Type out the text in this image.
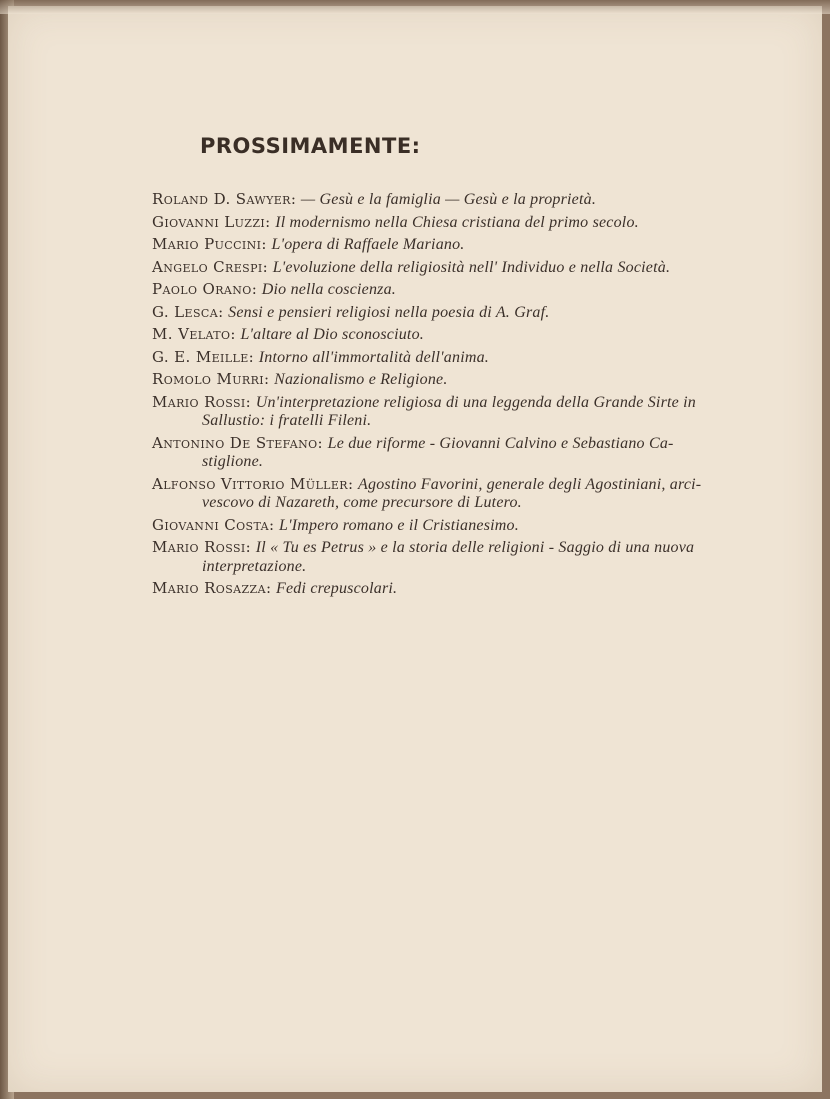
PROSSIMAMENTE:
Roland D. Sawyer: — Gesù e la famiglia — Gesù e la proprietà.
Giovanni Luzzi: Il modernismo nella Chiesa cristiana del primo secolo.
Mario Puccini: L'opera di Raffaele Mariano.
Angelo Crespi: L'evoluzione della religiosità nell' Individuo e nella Società.
Paolo Orano: Dio nella coscienza.
G. Lesca: Sensi e pensieri religiosi nella poesia di A. Graf.
M. Velato: L'altare al Dio sconosciuto.
G. E. Meille: Intorno all'immortalità dell'anima.
Romolo Murri: Nazionalismo e Religione.
Mario Rossi: Un'interpretazione religiosa di una leggenda della Grande Sirte in
Sallustio: i fratelli Fileni.
Antonino De Stefano: Le due riforme - Giovanni Calvino e Sebastiano Ca-
stiglione.
Alfonso Vittorio Müller: Agostino Favorini, generale degli Agostiniani, arci-
vescovo di Nazareth, come precursore di Lutero.
Giovanni Costa: L'Impero romano e il Cristianesimo.
Mario Rossi: Il « Tu es Petrus » e la storia delle religioni - Saggio di una nuova
interpretazione.
Mario Rosazza: Fedi crepuscolari.
